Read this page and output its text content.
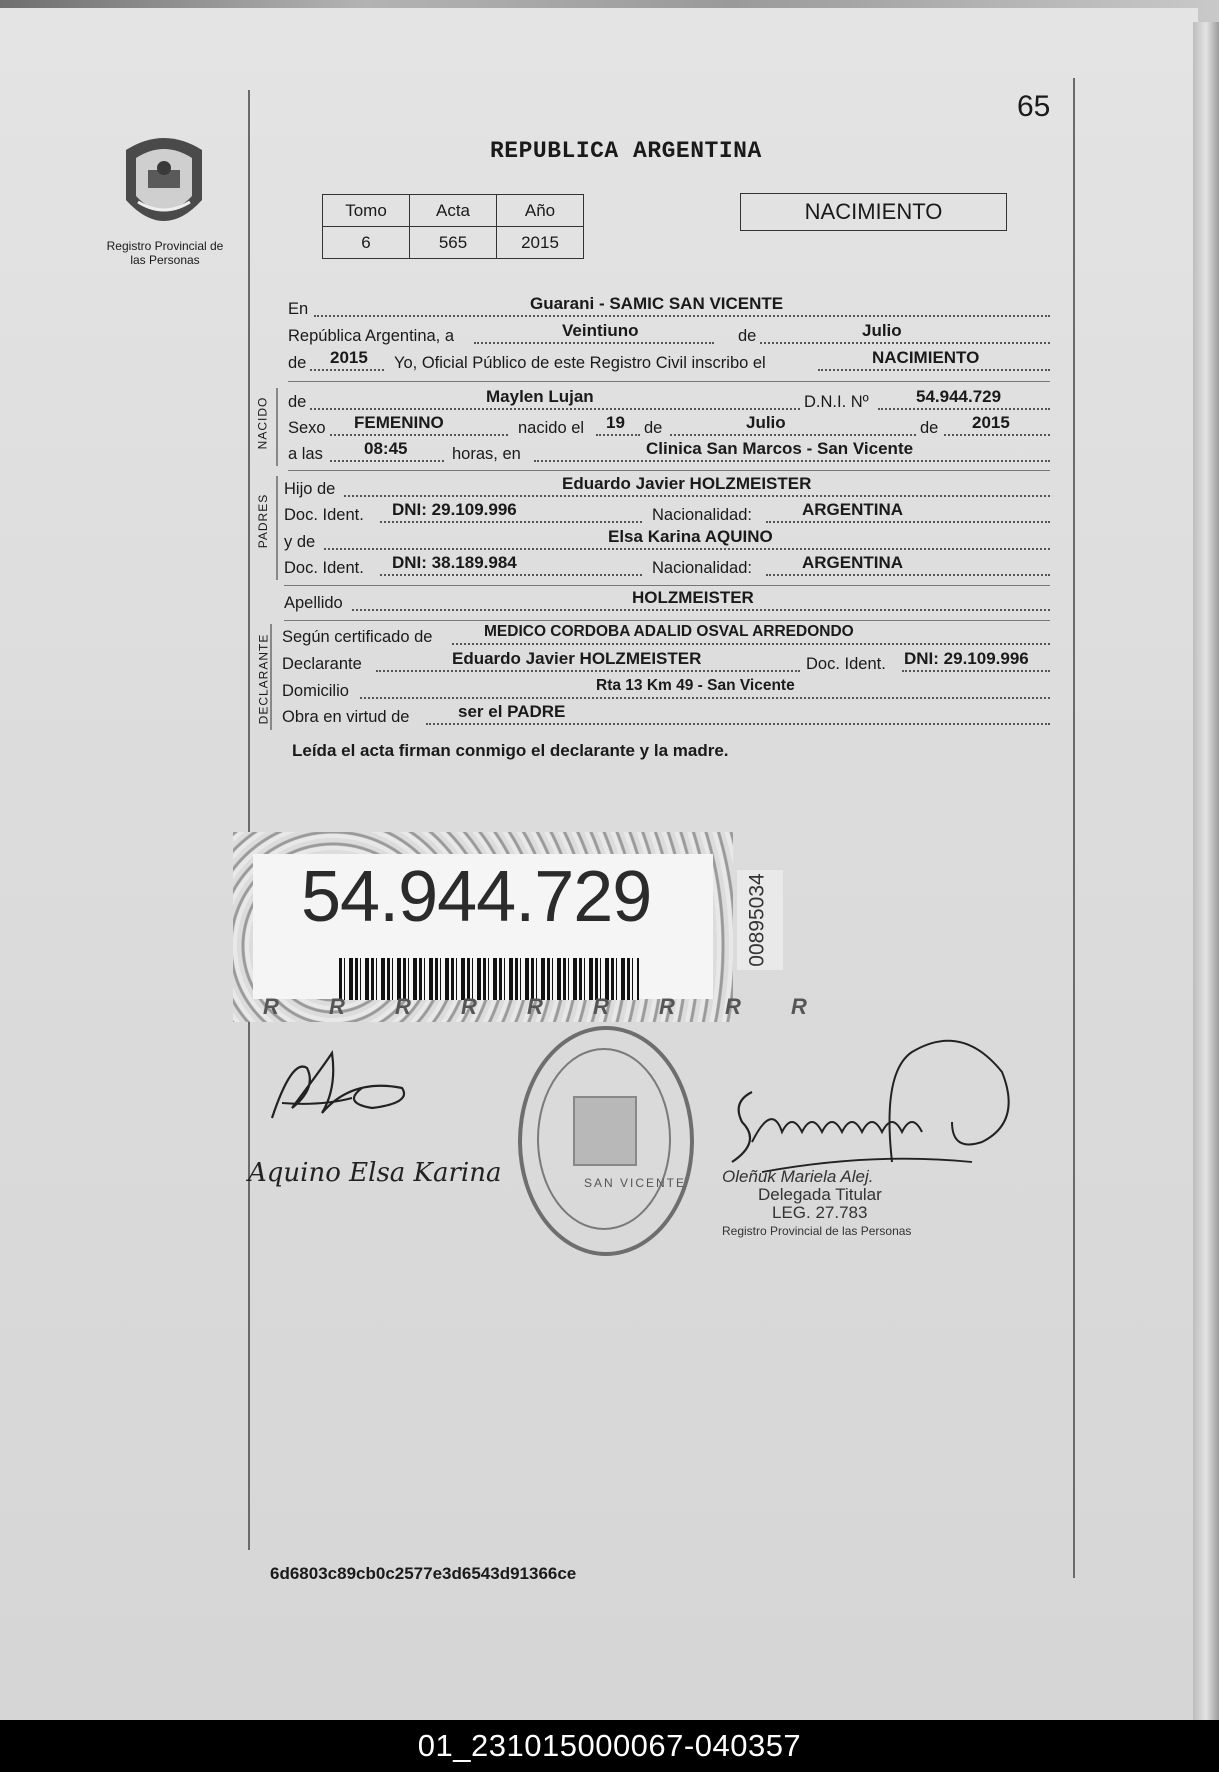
65
Registro Provincial de las Personas
REPUBLICA ARGENTINA
Tomo	Acta	Año
6	565	2015
NACIMIENTO
En	Guarani - SAMIC SAN VICENTE
República Argentina, a	Veintiuno	de	Julio
de 2015 Yo, Oficial Público de este Registro Civil inscribo el	NACIMIENTO
NACIDO de	Maylen Lujan	D.N.I. Nº	54.944.729
Sexo FEMENINO	nacido el 19 de	Julio	de 2015
a las 08:45	horas, en	Clinica San Marcos - San Vicente
PADRES
Hijo de	Eduardo Javier HOLZMEISTER
Doc. Ident. DNI: 29.109.996	Nacionalidad:	ARGENTINA
y de	Elsa Karina AQUINO
Doc. Ident. DNI: 38.189.984	Nacionalidad:	ARGENTINA
Apellido	HOLZMEISTER
DECLARANTE Según certificado de	MEDICO CORDOBA ADALID OSVAL ARREDONDO
Declarante	Eduardo Javier HOLZMEISTER	Doc. Ident. DNI: 29.109.996
Domicilio	Rta 13 Km 49 - San Vicente
Obra en virtud de	ser el PADRE
Leída el acta firman conmigo el declarante y la madre.
54.944.729
R R R R R R R R R
00895034
Aquino Elsa Karina	SAN VICENTE Oleñuk Mariela Alej.
Delegada Titular
LEG. 27.783
Registro Provincial de las Personas
6d6803c89cb0c2577e3d6543d91366ce
01_231015000067-040357
